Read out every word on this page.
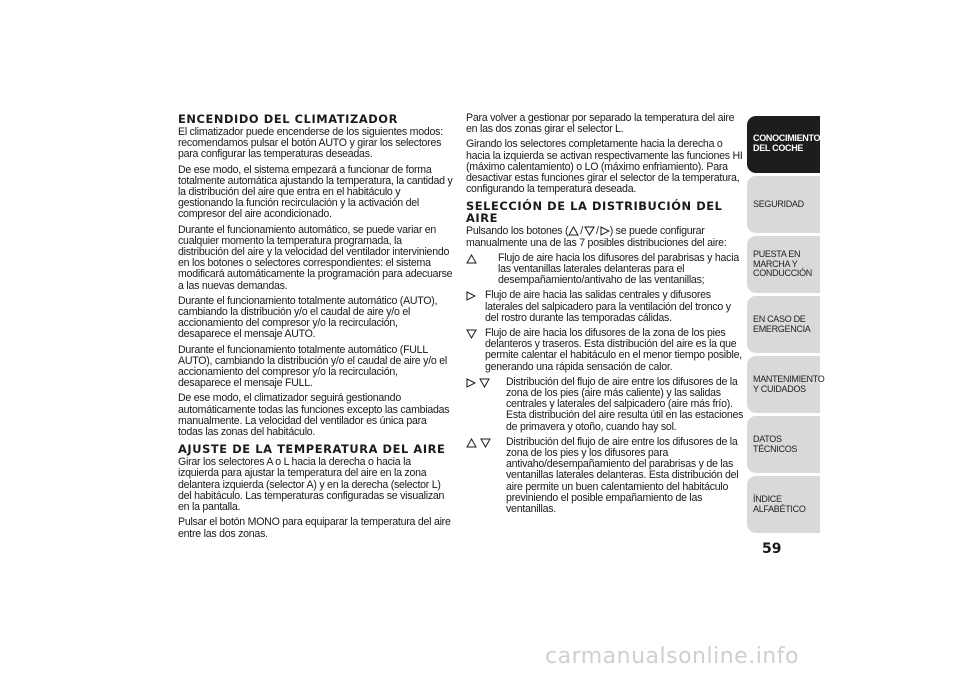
ENCENDIDO DEL CLIMATIZADOR

El climatizador puede encenderse de los siguientes modos: recomendamos pulsar el botón AUTO y girar los selectores para configurar las temperaturas deseadas.

De ese modo, el sistema empezará a funcionar de forma totalmente automática ajustando la temperatura, la cantidad y la distribución del aire que entra en el habitáculo y gestionando la función recirculación y la activación del compresor del aire acondicionado.

Durante el funcionamiento automático, se puede variar en cualquier momento la temperatura programada, la distribución del aire y la velocidad del ventilador interviniendo en los botones o selectores correspondientes: el sistema modificará automáticamente la programación para adecuarse a las nuevas demandas.

Durante el funcionamiento totalmente automático (AUTO), cambiando la distribución y/o el caudal de aire y/o el accionamiento del compresor y/o la recirculación, desaparece el mensaje AUTO.

Durante el funcionamiento totalmente automático (FULL AUTO), cambiando la distribución y/o el caudal de aire y/o el accionamiento del compresor y/o la recirculación, desaparece el mensaje FULL.

De ese modo, el climatizador seguirá gestionando automáticamente todas las funciones excepto las cambiadas manualmente. La velocidad del ventilador es única para todas las zonas del habitáculo.

AJUSTE DE LA TEMPERATURA DEL AIRE

Girar los selectores A o L hacia la derecha o hacia la izquierda para ajustar la temperatura del aire en la zona delantera izquierda (selector A) y en la derecha (selector L) del habitáculo. Las temperaturas configuradas se visualizan en la pantalla.

Pulsar el botón MONO para equiparar la temperatura del aire entre las dos zonas.

Para volver a gestionar por separado la temperatura del aire en las dos zonas girar el selector L.

Girando los selectores completamente hacia la derecha o hacia la izquierda se activan respectivamente las funciones HI (máximo calentamiento) o LO (máximo enfriamiento). Para desactivar estas funciones girar el selector de la temperatura, configurando la temperatura deseada.

SELECCIÓN DE LA DISTRIBUCIÓN DEL AIRE

Pulsando los botones ( / / ) se puede configurar manualmente una de las 7 posibles distribuciones del aire:

Flujo de aire hacia los difusores del parabrisas y hacia las ventanillas laterales delanteras para el desempañamiento/antivaho de las ventanillas;
Flujo de aire hacia las salidas centrales y difusores laterales del salpicadero para la ventilación del tronco y del rostro durante las temporadas cálidas.
Flujo de aire hacia los difusores de la zona de los pies delanteros y traseros. Esta distribución del aire es la que permite calentar el habitáculo en el menor tiempo posible, generando una rápida sensación de calor.
Distribución del flujo de aire entre los difusores de la zona de los pies (aire más caliente) y las salidas centrales y laterales del salpicadero (aire más frío). Esta distribución del aire resulta útil en las estaciones de primavera y otoño, cuando hay sol.
Distribución del flujo de aire entre los difusores de la zona de los pies y los difusores para antivaho/desempañamiento del parabrisas y de las ventanillas laterales delanteras. Esta distribución del aire permite un buen calentamiento del habitáculo previniendo el posible empañamiento de las ventanillas.
CONOCIMIENTO DEL COCHE
SEGURIDAD
PUESTA EN MARCHA Y CONDUCCIÓN
EN CASO DE EMERGENCIA
MANTENIMIENTO Y CUIDADOS
DATOS TÉCNICOS
ÍNDICE ALFABÉTICO
59
carmanualsonline.info
